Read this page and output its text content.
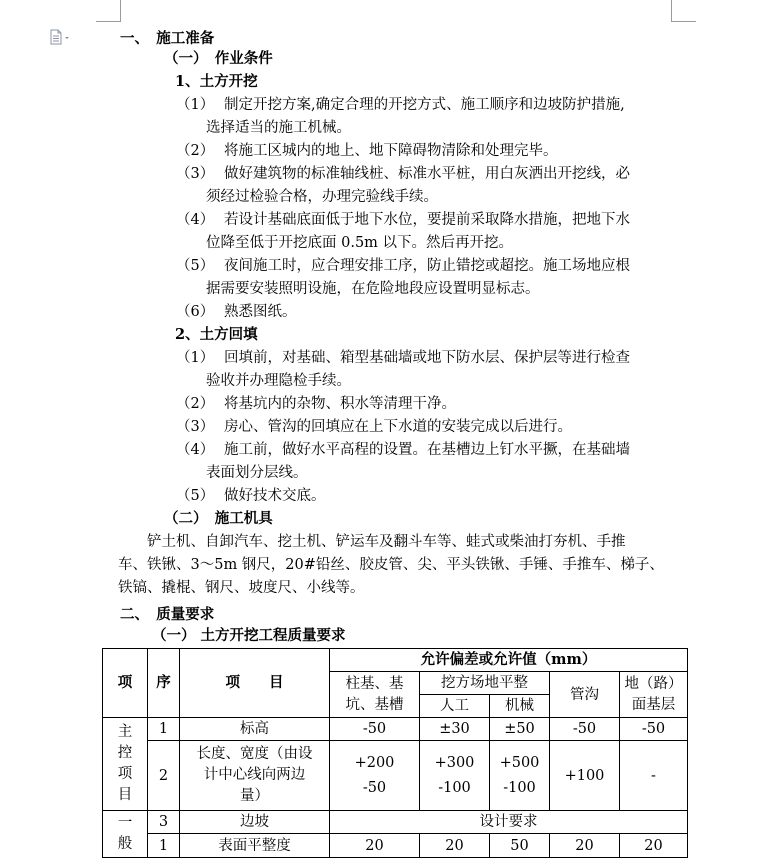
一、　施工准备
（一）　作业条件
1、土方开挖
（1） 制定开挖方案,确定合理的开挖方式、施工顺序和边坡防护措施,
选择适当的施工机械。
（2） 将施工区城内的地上、地下障碍物清除和处理完毕。
（3） 做好建筑物的标准轴线桩、标准水平桩，用白灰洒出开挖线，必
须经过检验合格，办理完验线手续。
（4） 若设计基础底面低于地下水位，要提前采取降水措施，把地下水
位降至低于开挖底面 0.5m 以下。然后再开挖。
（5） 夜间施工时，应合理安排工序，防止错挖或超挖。施工场地应根
据需要安装照明设施，在危险地段应设置明显标志。
（6） 熟悉图纸。
2、土方回填
（1） 回填前，对基础、箱型基础墙或地下防水层、保护层等进行检查
验收并办理隐检手续。
（2） 将基坑内的杂物、积水等清理干净。
（3） 房心、管沟的回填应在上下水道的安装完成以后进行。
（4） 施工前，做好水平高程的设置。在基槽边上钉水平撅，在基础墙
表面划分层线。
（5） 做好技术交底。
（二）　施工机具
铲土机、自卸汽车、挖土机、铲运车及翻斗车等、蛙式或柴油打夯机、手推
车、铁锹、3～5m 钢尺，20#铅丝、胶皮管、尖、平头铁锹、手锤、手推车、梯子、
铁镐、撬棍、钢尺、坡度尺、小线等。
二、　质量要求
（一） 土方开挖工程质量要求
项	序	项　　目	允许偏差或允许值（mm）				
			柱基、基
坑、基槽	挖方场地平整		管沟	地（路）
面基层
				人工	机械		
主
控
项
目	1	标高	-50	±30	±50	-50	-50
	2	长度、宽度（由设
计中心线向两边
量）	+200
-50	+300
-100	+500
-100	+100	-
一
般	3	边坡	设计要求				
	1	表面平整度	20	20	50	20	20
